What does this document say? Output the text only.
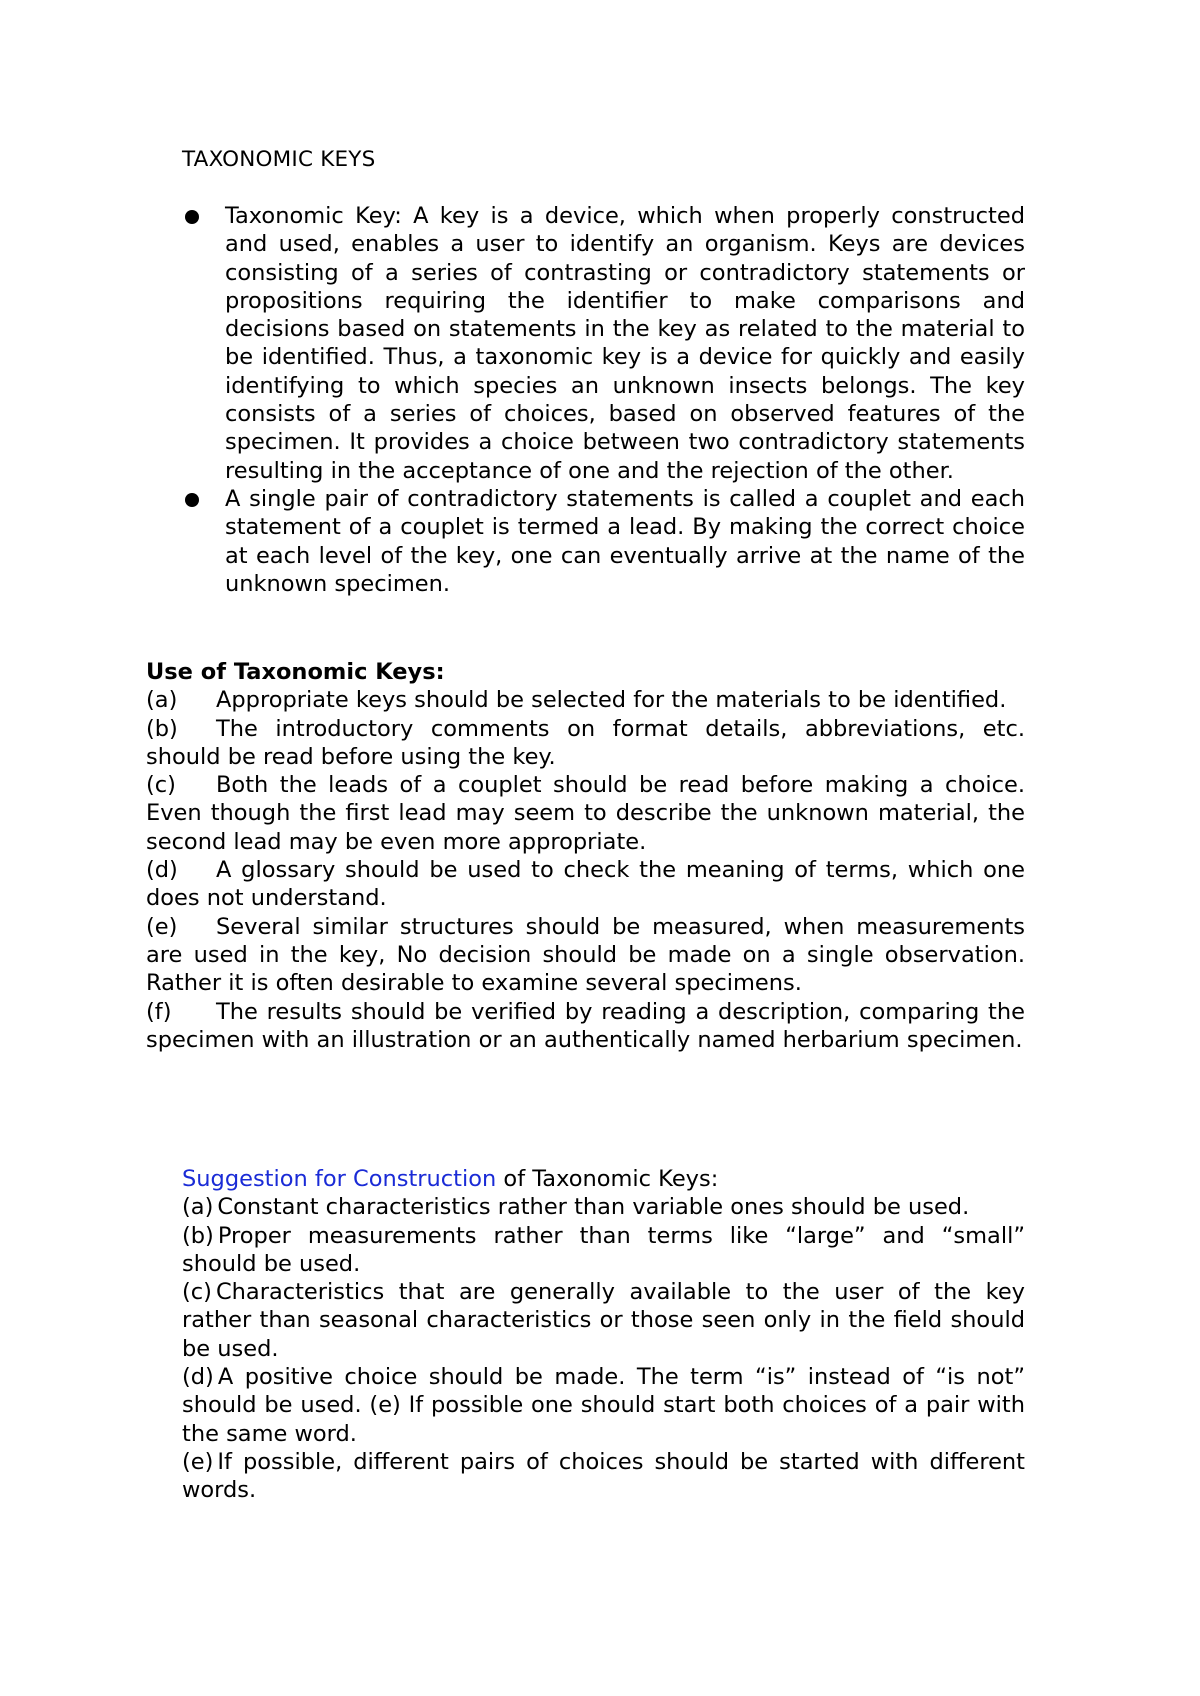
TAXONOMIC KEYS
Taxonomic Key: A key is a device, which when properly constructed and used, enables a user to identify an organism. Keys are devices consisting of a series of contrasting or contradictory statements or propositions requiring the identifier to make comparisons and decisions based on statements in the key as related to the material to be identified. Thus, a taxonomic key is a device for quickly and easily identifying to which species an unknown insects belongs. The key consists of a series of choices, based on observed features of the specimen. It provides a choice between two contradictory statements resulting in the acceptance of one and the rejection of the other.
A single pair of contradictory statements is called a couplet and each statement of a couplet is termed a lead. By making the correct choice at each level of the key, one can eventually arrive at the name of the unknown specimen.

Use of Taxonomic Keys:

(a) Appropriate keys should be selected for the materials to be identified.

(b) The introductory comments on format details, abbreviations, etc. should be read before using the key.

(c) Both the leads of a couplet should be read before making a choice. Even though the first lead may seem to describe the unknown material, the second lead may be even more appropriate.

(d) A glossary should be used to check the meaning of terms, which one does not understand.

(e) Several similar structures should be measured, when measurements are used in the key, No decision should be made on a single observation. Rather it is often desirable to examine several specimens.

(f) The results should be verified by reading a description, comparing the specimen with an illustration or an authentically named herbarium specimen.

Suggestion for Construction of Taxonomic Keys:

(a) Constant characteristics rather than variable ones should be used.

(b) Proper measurements rather than terms like “large” and “small” should be used.

(c) Characteristics that are generally available to the user of the key rather than seasonal characteristics or those seen only in the field should be used.

(d) A positive choice should be made. The term “is” instead of “is not” should be used. (e) If possible one should start both choices of a pair with the same word.

(e) If possible, different pairs of choices should be started with different words.
